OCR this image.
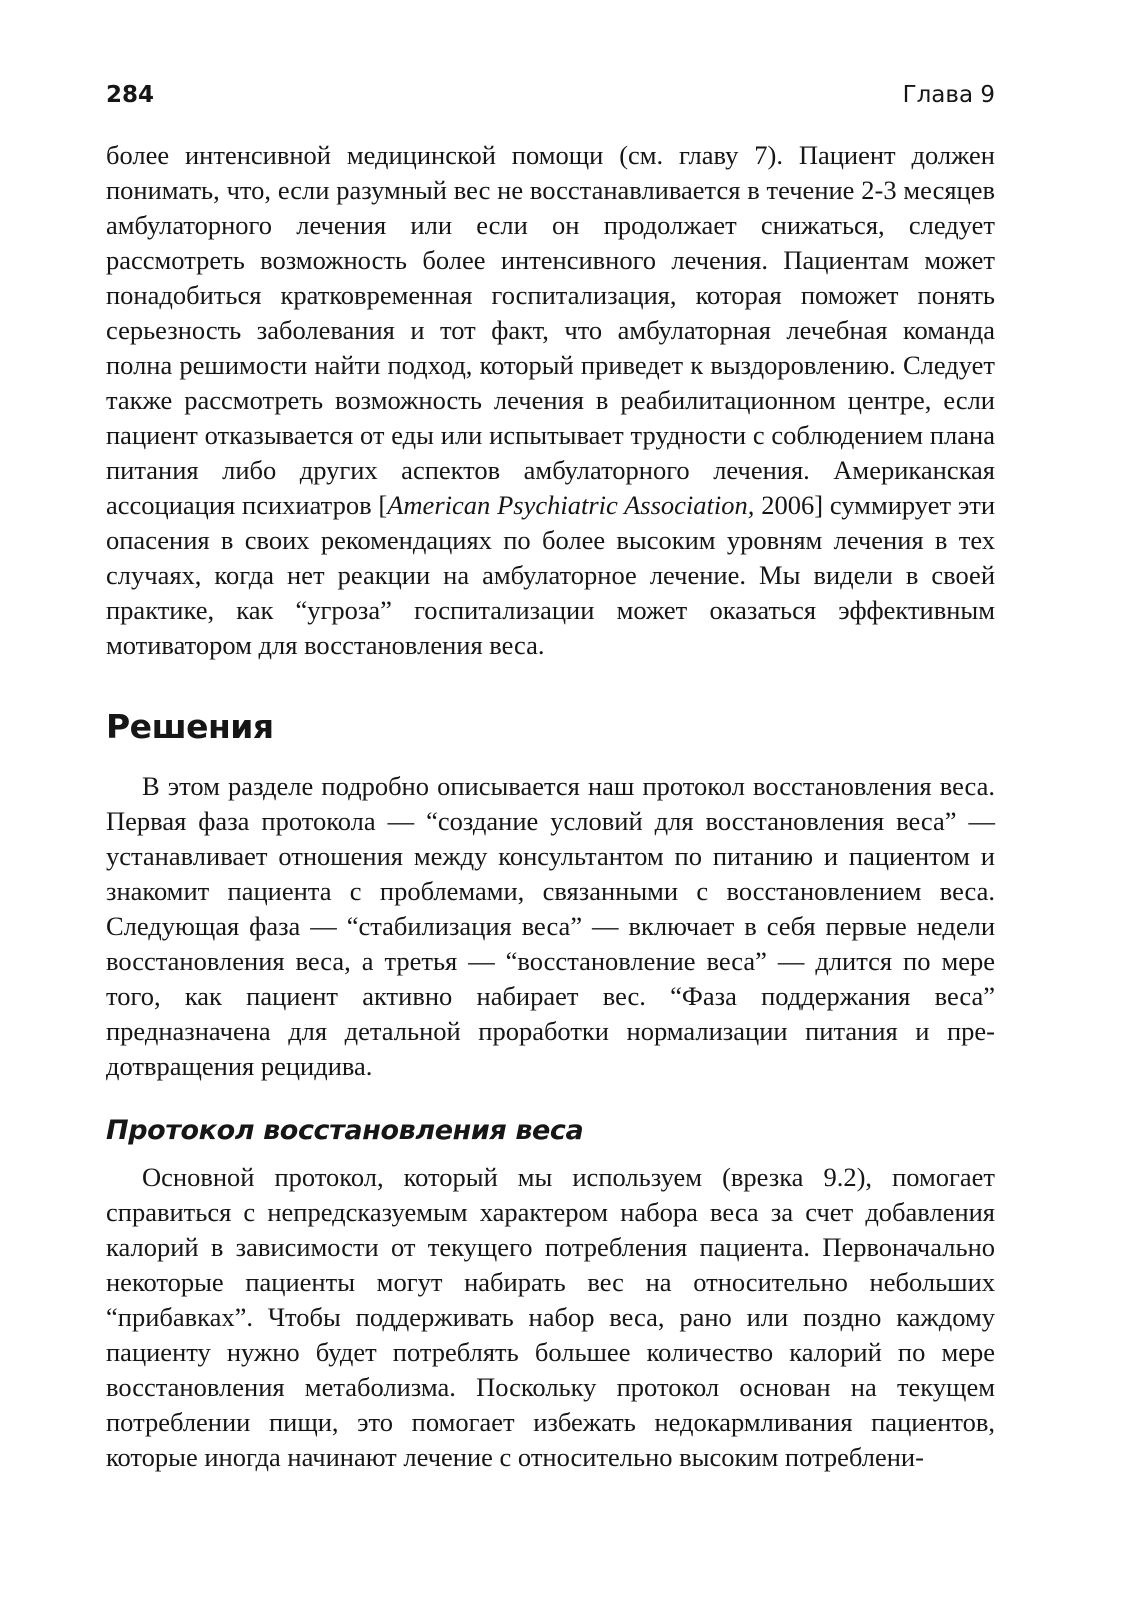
284	Глава 9

более интенсивной медицинской помощи (см. главу 7). Пациент должен понимать, что, если разумный вес не восстанавливается в течение 2-3 месяцев амбулаторного лечения или если он продолжает снижаться, следует рассмотреть возможность более интенсивного лечения. Пациентам может понадобиться кратковременная госпитализация, которая поможет понять серьезность заболевания и тот факт, что амбулаторная лечебная команда полна решимости найти подход, который приведет к выздоровлению. Следует также рассмотреть возможность лечения в реабилитационном центре, если пациент отказывается от еды или испытывает трудности с соблюдением плана питания либо других аспектов амбулаторного лечения. Американская ассоциация психиатров [American Psychiatric Association, 2006] суммирует эти опасения в своих рекомендациях по более высоким уровням лечения в тех случаях, когда нет реакции на амбулаторное лечение. Мы видели в своей практике, как “угроза” госпитализации может оказаться эффективным мотиватором для восстановления веса.

Решения

В этом разделе подробно описывается наш протокол восстановления веса. Первая фаза протокола — “создание условий для восстановления веса” — устанавливает отношения между консультантом по питанию и пациентом и знакомит пациента с проблемами, связанными с восстановлением веса. Следующая фаза — “стабилизация веса” — включает в себя первые недели восстановления веса, а третья — “восстановление веса” — длится по мере того, как пациент активно набирает вес. “Фаза поддержания веса” предназначена для детальной проработки нормализации питания и предотвращения рецидива.

Протокол восстановления веса

Основной протокол, который мы используем (врезка 9.2), помогает справиться с непредсказуемым характером набора веса за счет добавления калорий в зависимости от текущего потребления пациента. Первоначально некоторые пациенты могут набирать вес на относительно небольших “прибавках”. Чтобы поддерживать набор веса, рано или поздно каждому пациенту нужно будет потреблять большее количество калорий по мере восстановления метаболизма. Поскольку протокол основан на текущем потреблении пищи, это помогает избежать недокармливания пациентов, которые иногда начинают лечение с относительно высоким потреблени-
